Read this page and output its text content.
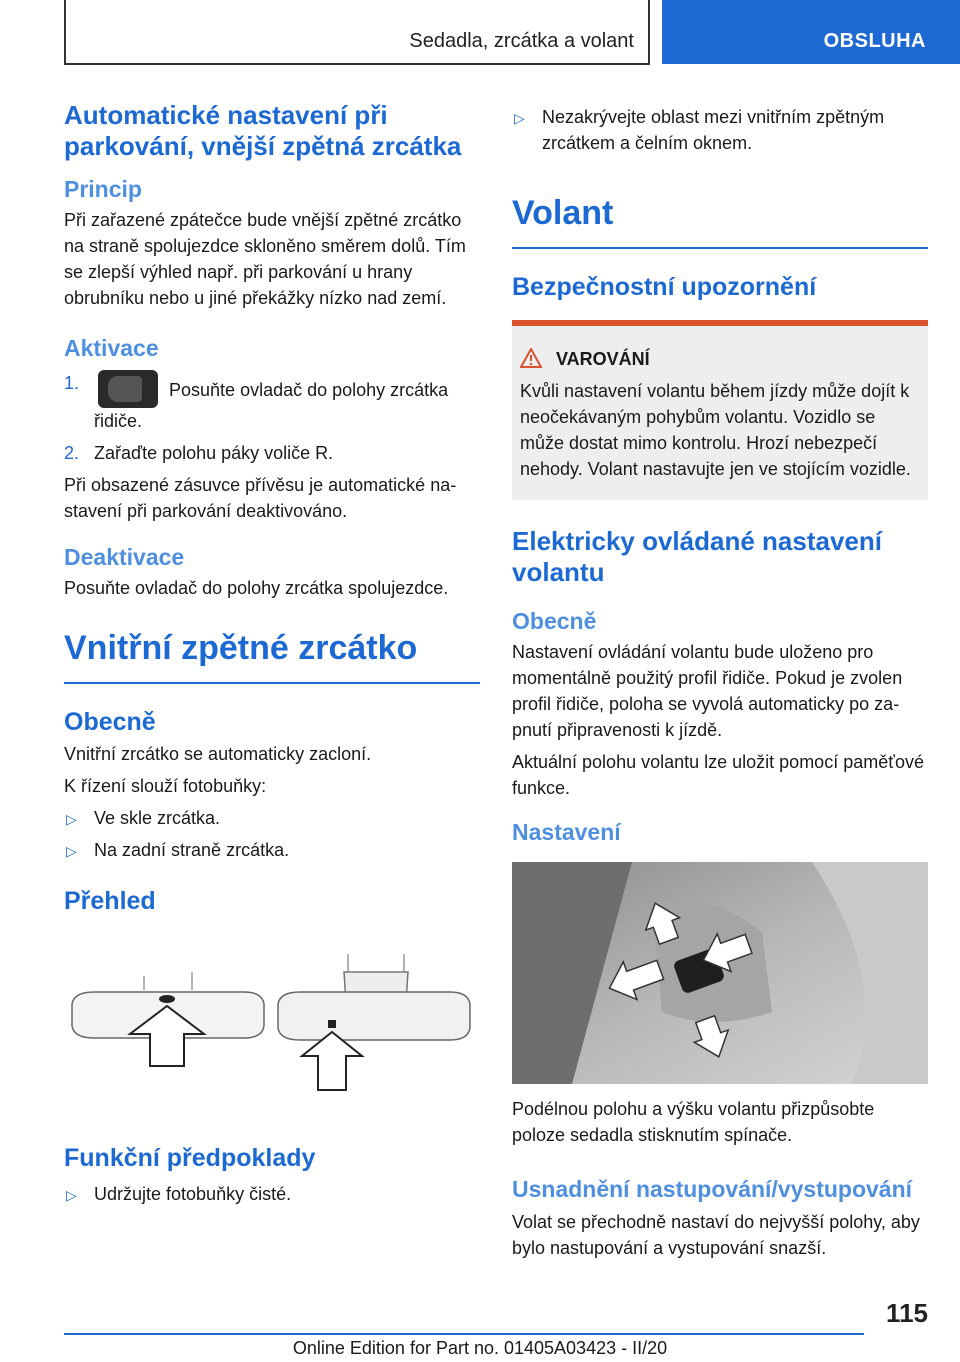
Sedadla, zrcátka a volant	OBSLUHA
Automatické nastavení při parkování, vnější zpětná zrcátka
Princip

Při zařazené zpátečce bude vnější zpětné zrcátko na straně spolujezdce skloněno směrem dolů. Tím se zlepší výhled např. při parkování u hrany obrubníku nebo u jiné překážky nízko nad zemí.

Aktivace
1.	Posuňte ovladač do polohy zrcátka řidiče.
2. Zařaďte polohu páky voliče R.

Při obsazené zásuvce přívěsu je automatické nastavení při parkování deaktivováno.

Deaktivace

Posuňte ovladač do polohy zrcátka spolujezdce.

Vnitřní zpětné zrcátko
Obecně

Vnitřní zrcátko se automaticky zacloní.

K řízení slouží fotobuňky:

▷ Ve skle zrcátka.
▷ Na zadní straně zrcátka.
Přehled
Funkční předpoklady
▷ Udržujte fotobuňky čisté.
▷ Nezakrývejte oblast mezi vnitřním zpětným zrcátkem a čelním oknem.
Volant
Bezpečnostní upozornění
VAROVÁNÍ

Kvůli nastavení volantu během jízdy může dojít k neočekávaným pohybům volantu. Vozidlo se může dostat mimo kontrolu. Hrozí nebezpečí nehody. Volant nastavujte jen ve stojícím vozidle.

Elektricky ovládané nastavení volantu
Obecně

Nastavení ovládání volantu bude uloženo pro momentálně použitý profil řidiče. Pokud je zvolen profil řidiče, poloha se vyvolá automaticky po zapnutí připravenosti k jízdě.

Aktuální polohu volantu lze uložit pomocí paměťové funkce.

Nastavení

Podélnou polohu a výšku volantu přizpůsobte poloze sedadla stisknutím spínače.

Usnadnění nastupování/vystupování

Volat se přechodně nastaví do nejvyšší polohy, aby bylo nastupování a vystupování snazší.

115
Online Edition for Part no. 01405A03423 - II/20
